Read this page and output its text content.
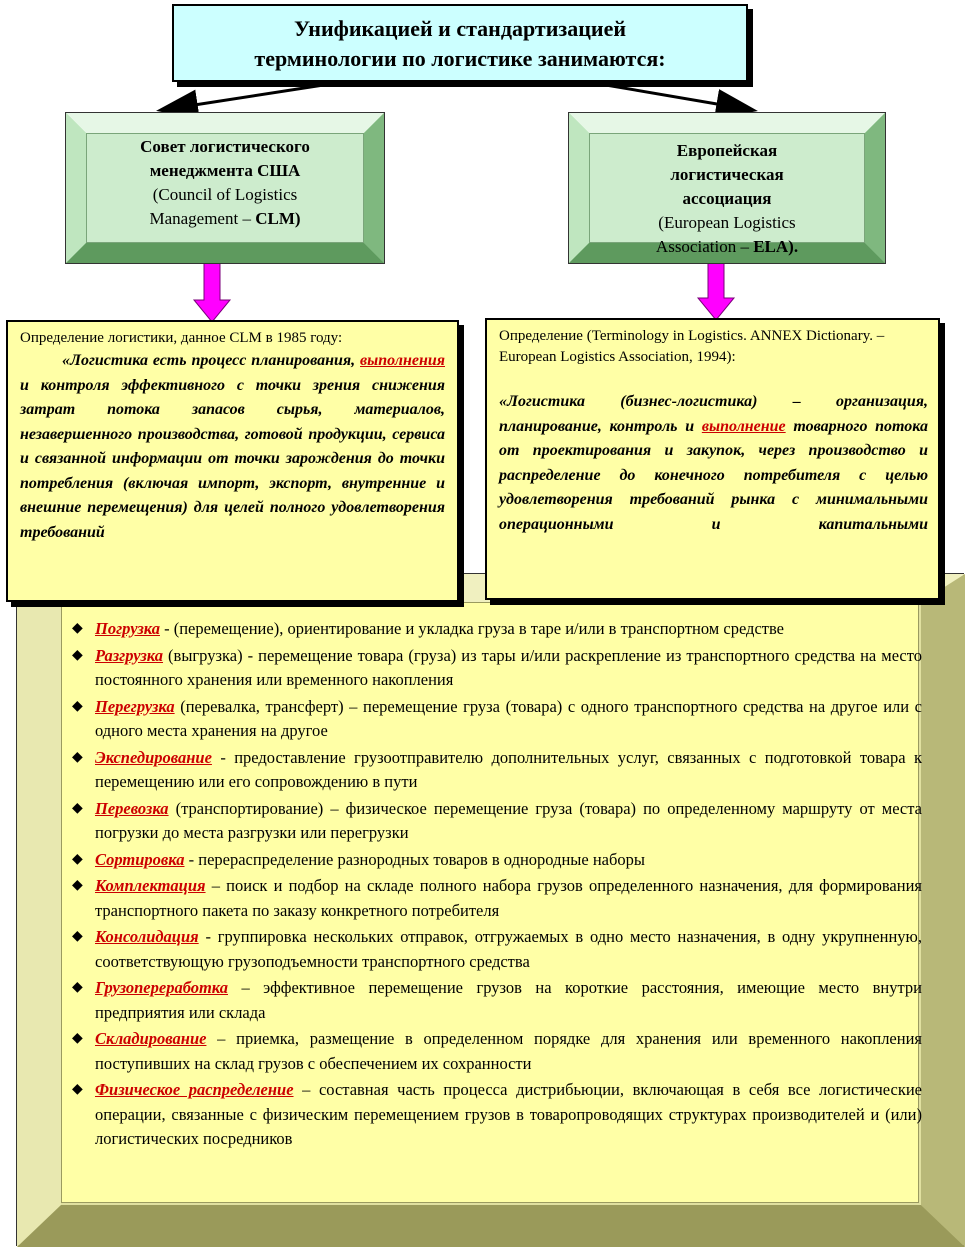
Унификацией и стандартизацией
терминологии по логистике занимаются:
Совет логистического
менеджмента США
(Council of Logistics
Management – CLM)
Европейская
логистическая
ассоциация
(European Logistics
Association – ELA).
Определение логистики, данное CLM в 1985 году:
«Логистика есть процесс планирования, выполнения и контроля эффективного с точки зрения снижения затрат потока запасов сырья, материалов, незавершенного производства, готовой продукции, сервиса и связанной информации от точки зарождения до точки потребления (включая импорт, экспорт, внутренние и внешние перемещения) для целей полного удовлетворения требований
Определение (Terminology in Logistics. ANNEX Dictionary. – European Logistics Association, 1994):
«Логистика (бизнес-логистика) – организация, планирование, контроль и выполнение товарного потока от проектирования и закупок, через производство и распределение до конечного потребителя с целью удовлетворения требований рынка с минимальными операционными и капитальными
◆ Погрузка - (перемещение), ориентирование и укладка груза в таре и/или в транспортном средстве
◆ Разгрузка (выгрузка) - перемещение товара (груза) из тары и/или раскрепление из транспортного средства на место постоянного хранения или временного накопления
◆ Перегрузка (перевалка, трансферт) – перемещение груза (товара) с одного транспортного средства на другое или с одного места хранения на другое
◆ Экспедирование - предоставление грузоотправителю дополнительных услуг, связанных с подготовкой товара к перемещению или его сопровождению в пути
◆ Перевозка (транспортирование) – физическое перемещение груза (товара) по определенному маршруту от места погрузки до места разгрузки или перегрузки
◆ Сортировка - перераспределение разнородных товаров в однородные наборы
◆ Комплектация – поиск и подбор на складе полного набора грузов определенного назначения, для формирования транспортного пакета по заказу конкретного потребителя
◆ Консолидация - группировка нескольких отправок, отгружаемых в одно место назначения, в одну укрупненную, соответствующую грузоподъемности транспортного средства
◆ Грузопереработка – эффективное перемещение грузов на короткие расстояния, имеющие место внутри предприятия или склада
◆ Складирование – приемка, размещение в определенном порядке для хранения или временного накопления поступивших на склад грузов с обеспечением их сохранности
◆ Физическое распределение – составная часть процесса дистрибьюции, включающая в себя все логистические операции, связанные с физическим перемещением грузов в товаропроводящих структурах производителей и (или) логистических посредников
